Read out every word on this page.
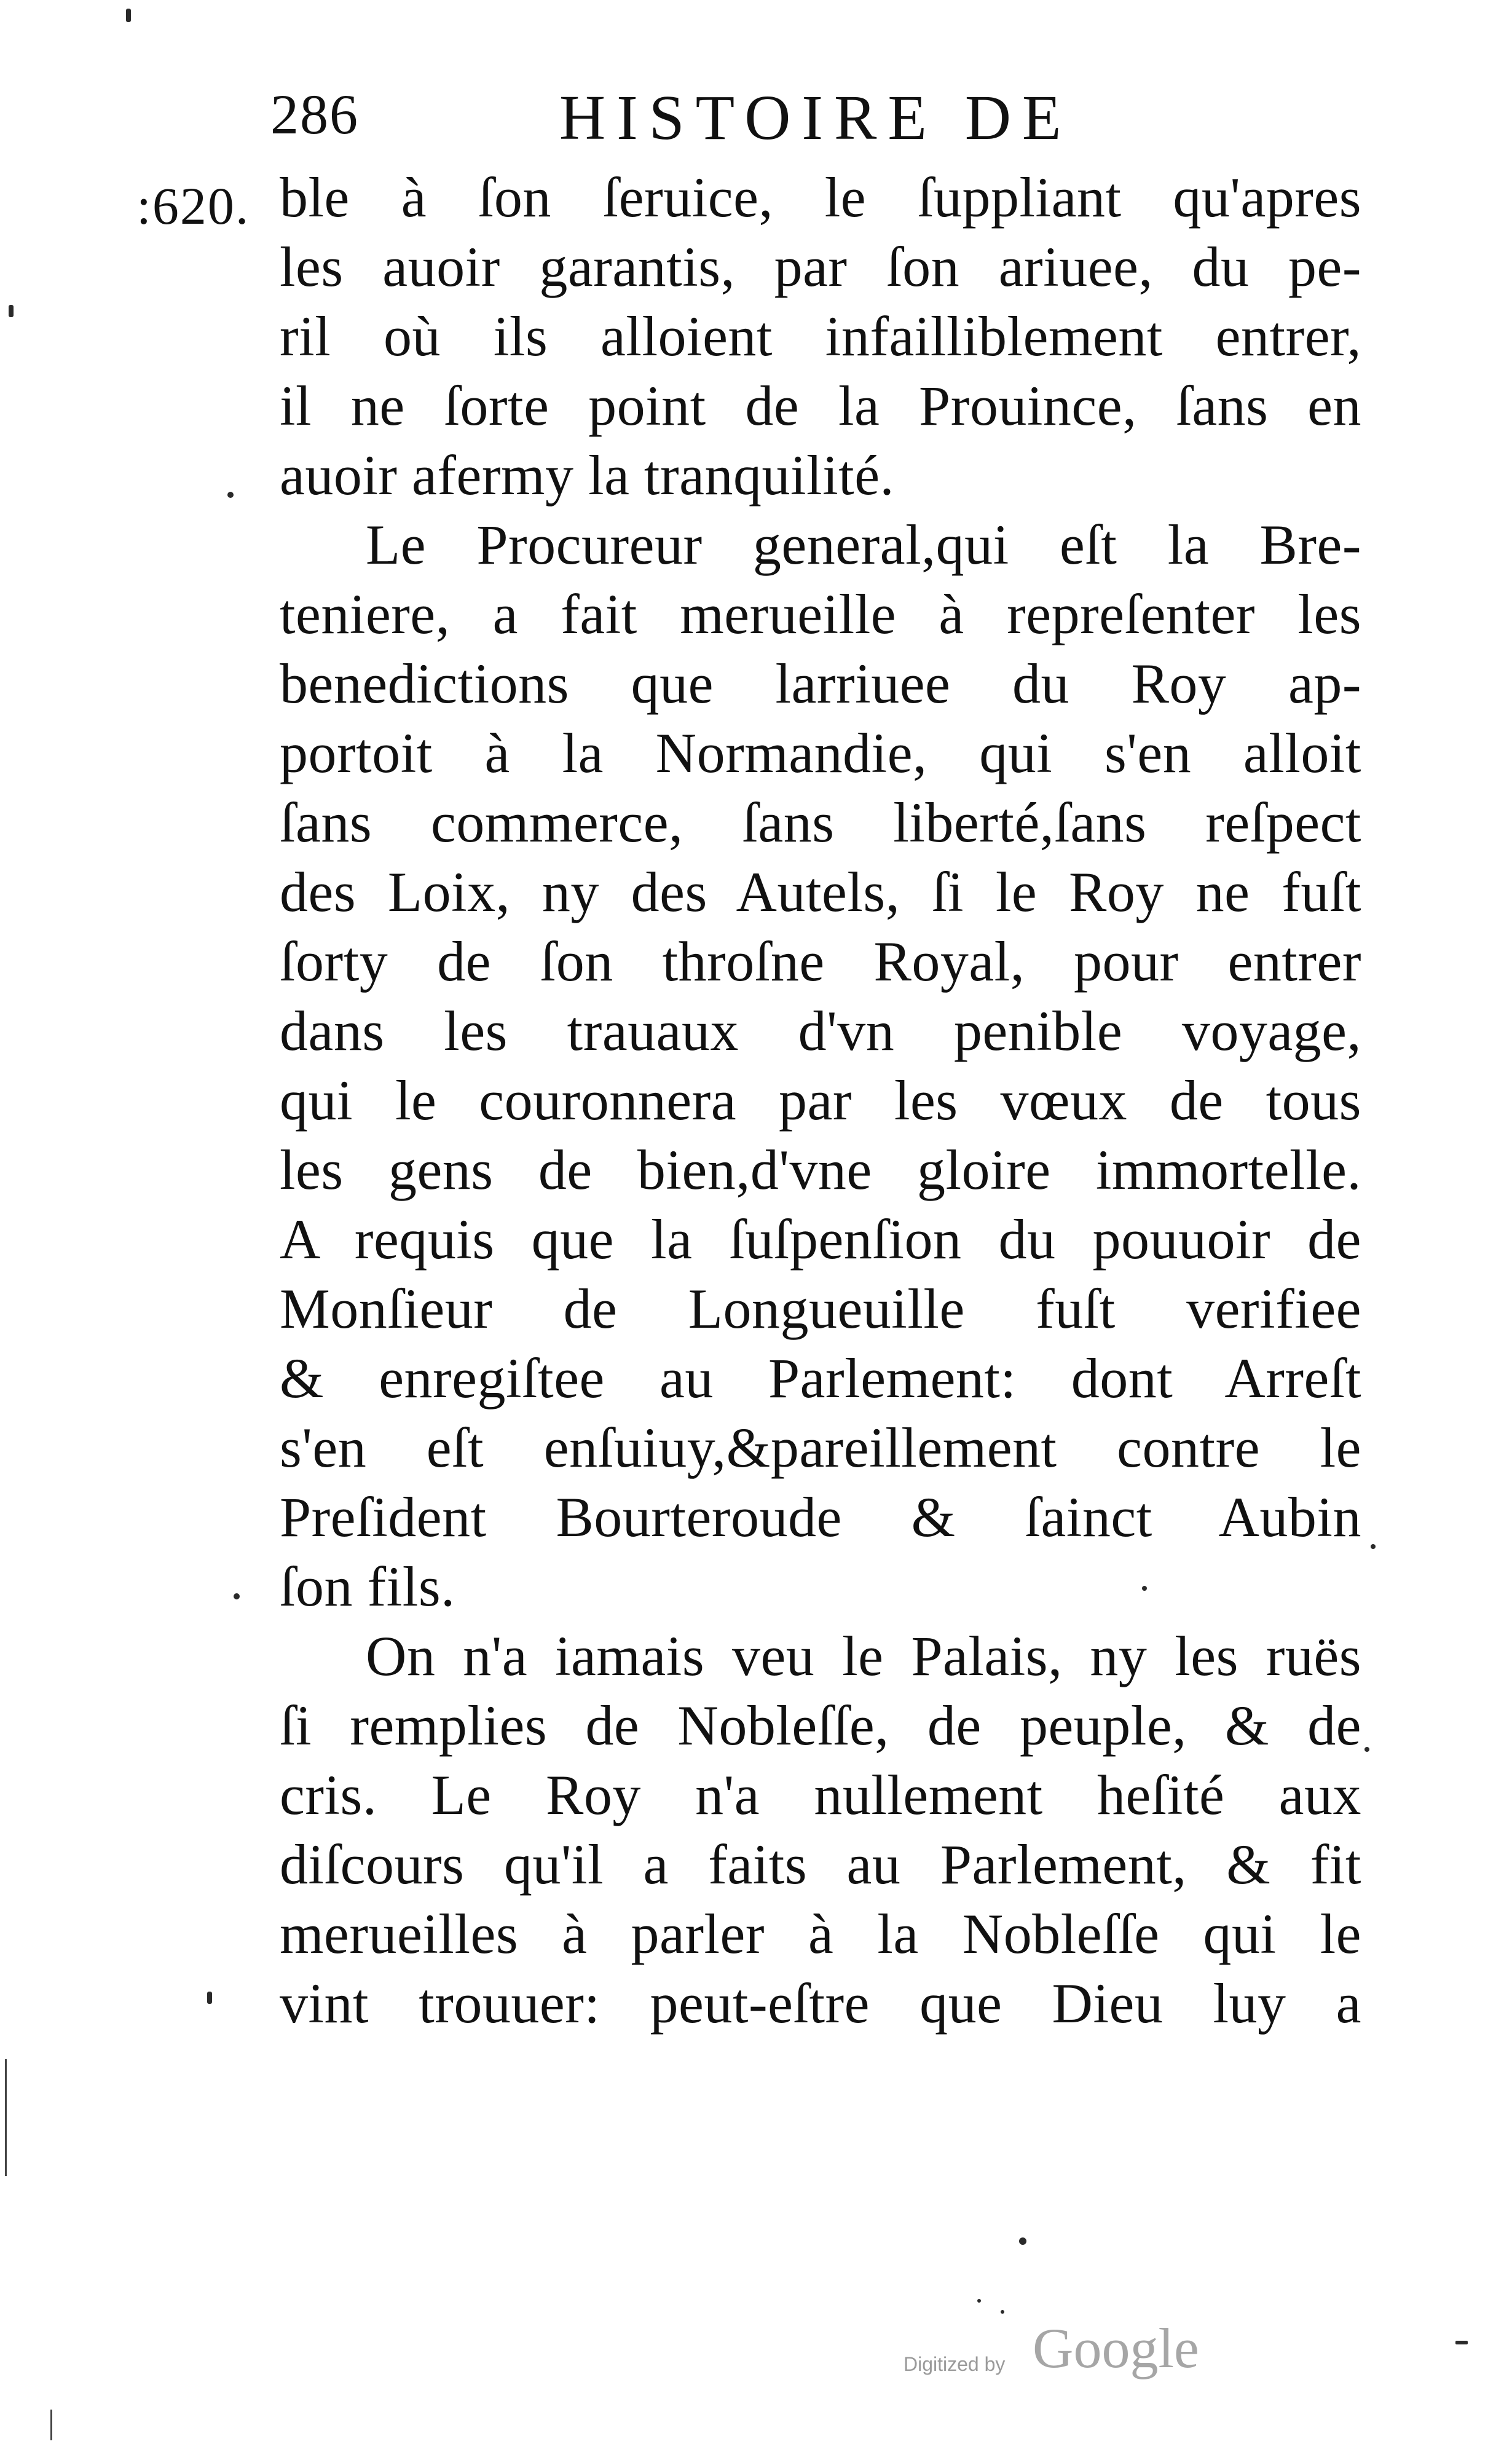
286	HISTOIRE DE
:620. ble à ſon ſeruice, le ſuppliant qu'apres
les auoir garantis, par ſon ariuee, du pe-
ril où ils alloient infailliblement entrer,
il ne ſorte point de la Prouince, ſans en
auoir afermy la tranquilité.
Le Procureur general,qui eſt la Bre-
teniere, a fait merueille à repreſenter les
benedictions que larriuee du Roy ap-
portoit à la Normandie, qui s'en alloit
ſans commerce, ſans liberté,ſans reſpect
des Loix, ny des Autels, ſi le Roy ne fuſt
ſorty de ſon throſne Royal, pour entrer
dans les trauaux d'vn penible voyage,
qui le couronnera par les vœux de tous
les gens de bien,d'vne gloire immortelle.
A requis que la ſuſpenſion du pouuoir de
Monſieur de Longueuille fuſt verifiee
& enregiſtee au Parlement: dont Arreſt
s'en eſt enſuiuy,&pareillement contre le
Preſident Bourteroude & ſainct Aubin
ſon fils.
On n'a iamais veu le Palais, ny les ruës
ſi remplies de Nobleſſe, de peuple, & de
cris. Le Roy n'a nullement heſité aux
diſcours qu'il a faits au Parlement, & fit
merueilles à parler à la Nobleſſe qui le
vint trouuer: peut-eſtre que Dieu luy a
Digitized by Google
